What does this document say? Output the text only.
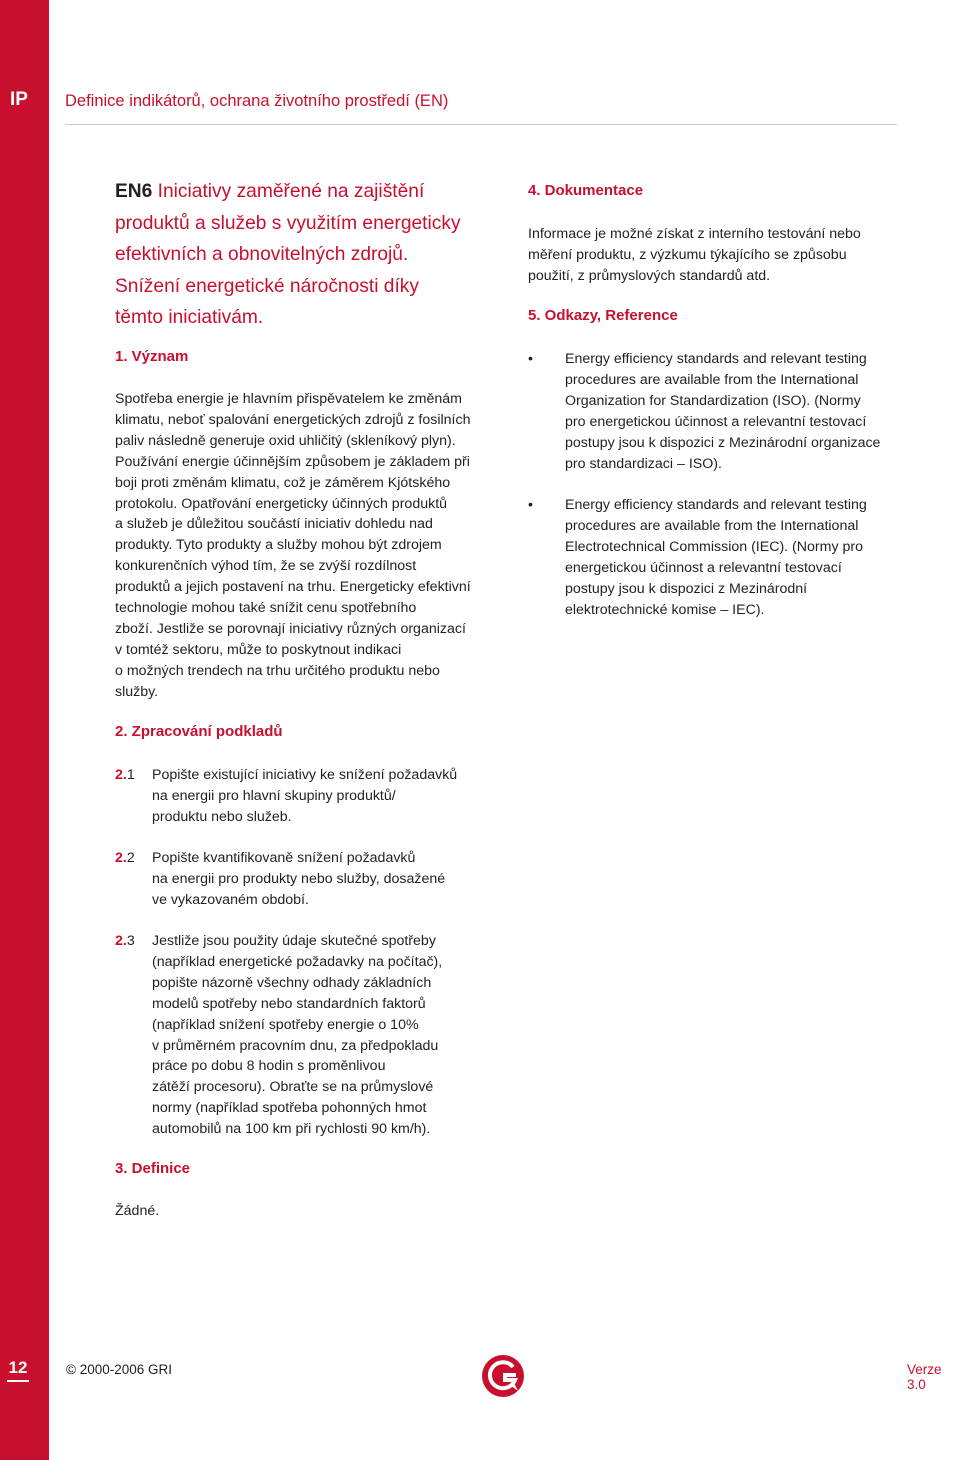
IP
12
Definice indikátorů, ochrana životního prostředí (EN)
EN6 Iniciativy zaměřené na zajištění
produktů a služeb s využitím energeticky
efektivních a obnovitelných zdrojů.
Snížení energetické náročnosti díky
těmto iniciativám.
1. Význam
Spotřeba energie je hlavním přispěvatelem ke změnám
klimatu, neboť spalování energetických zdrojů z fosilních
paliv následně generuje oxid uhličitý (skleníkový plyn).
Používání energie účinnějším způsobem je základem při
boji proti změnám klimatu, což je záměrem Kjótského
protokolu. Opatřování energeticky účinných produktů
a služeb je důležitou součástí iniciativ dohledu nad
produkty. Tyto produkty a služby mohou být zdrojem
konkurenčních výhod tím, že se zvýší rozdílnost
produktů a jejich postavení na trhu. Energeticky efektivní
technologie mohou také snížit cenu spotřebního
zboží. Jestliže se porovnají iniciativy různých organizací
v tomtéž sektoru, může to poskytnout indikaci
o možných trendech na trhu určitého produktu nebo
služby.
2. Zpracování podkladů
2.1 Popište existující iniciativy ke snížení požadavků
na energii pro hlavní skupiny produktů/
produktu nebo služeb.
2.2 Popište kvantifikovaně snížení požadavků
na energii pro produkty nebo služby, dosažené
ve vykazovaném období.
2.3 Jestliže jsou použity údaje skutečné spotřeby
(například energetické požadavky na počítač),
popište názorně všechny odhady základních
modelů spotřeby nebo standardních faktorů
(například snížení spotřeby energie o 10%
v průměrném pracovním dnu, za předpokladu
práce po dobu 8 hodin s proměnlivou
zátěží procesoru). Obraťte se na průmyslové
normy (například spotřeba pohonných hmot
automobilů na 100 km při rychlosti 90 km/h).
3. Definice
Žádné.
4. Dokumentace
Informace je možné získat z interního testování nebo
měření produktu, z výzkumu týkajícího se způsobu
použití, z průmyslových standardů atd.
5. Odkazy, Reference
• Energy efficiency standards and relevant testing
procedures are available from the International
Organization for Standardization (ISO). (Normy
pro energetickou účinnost a relevantní testovací
postupy jsou k dispozici z Mezinárodní organizace
pro standardizaci – ISO).
• Energy efficiency standards and relevant testing
procedures are available from the International
Electrotechnical Commission (IEC). (Normy pro
energetickou účinnost a relevantní testovací
postupy jsou k dispozici z Mezinárodní
elektrotechnické komise – IEC).
© 2000-2006 GRI	Verze 3.0
